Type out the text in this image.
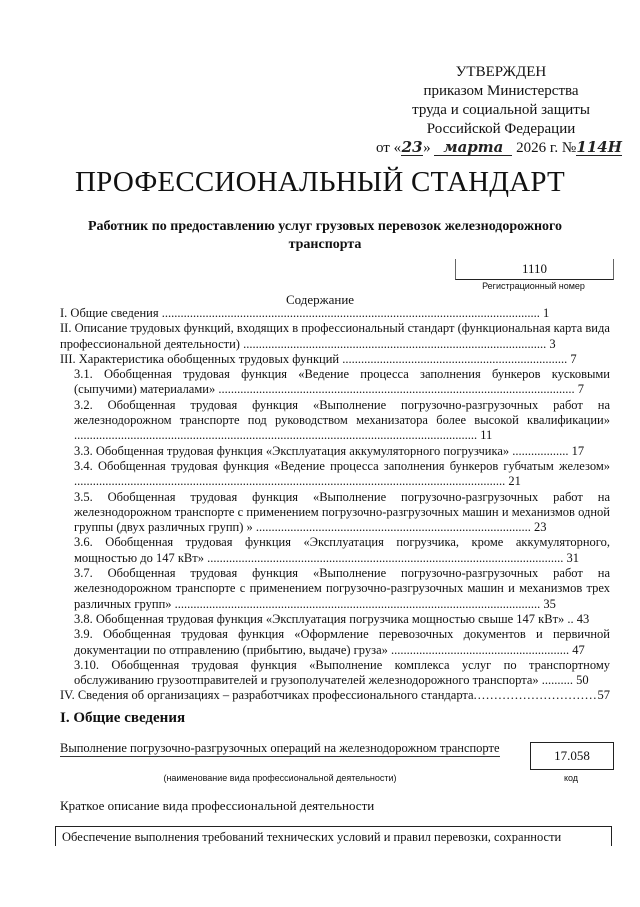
УТВЕРЖДЕН
приказом Министерства
труда и социальной защиты
Российской Федерации
от «23» марта 2026 г. №114Н
ПРОФЕССИОНАЛЬНЫЙ СТАНДАРТ
Работник по предоставлению услуг грузовых перевозок железнодорожного транспорта
1110
Регистрационный номер
Содержание

I. Общие сведения ......................................................................................................................... 1

II. Описание трудовых функций, входящих в профессиональный стандарт (функциональная карта вида профессиональной деятельности) ................................................................................................. 3

III. Характеристика обобщенных трудовых функций ........................................................................ 7

3.1. Обобщенная трудовая функция «Ведение процесса заполнения бункеров кусковыми (сыпучими) материалами» .................................................................................................................. 7

3.2. Обобщенная трудовая функция «Выполнение погрузочно-разгрузочных работ на железнодорожном транспорте под руководством механизатора более высокой квалификации» ................................................................................................................................. 11

3.3. Обобщенная трудовая функция «Эксплуатация аккумуляторного погрузчика» .................. 17

3.4. Обобщенная трудовая функция «Ведение процесса заполнения бункеров губчатым железом» .......................................................................................................................................... 21

3.5. Обобщенная трудовая функция «Выполнение погрузочно-разгрузочных работ на железнодорожном транспорте с применением погрузочно-разгрузочных машин и механизмов одной группы (двух различных групп) » ........................................................................................ 23

3.6. Обобщенная трудовая функция «Эксплуатация погрузчика, кроме аккумуляторного, мощностью до 147 кВт» .................................................................................................................. 31

3.7. Обобщенная трудовая функция «Выполнение погрузочно-разгрузочных работ на железнодорожном транспорте с применением погрузочно-разгрузочных машин и механизмов трех различных групп» ..................................................................................................................... 35

3.8. Обобщенная трудовая функция «Эксплуатация погрузчика мощностью свыше 147 кВт» .. 43

3.9. Обобщенная трудовая функция «Оформление перевозочных документов и первичной документации по отправлению (прибытию, выдаче) груза» ......................................................... 47

3.10. Обобщенная трудовая функция «Выполнение комплекса услуг по транспортному обслуживанию грузоотправителей и грузополучателей железнодорожного транспорта» .......... 50

IV. Сведения об организациях – разработчиках профессионального стандарта .....	57
I. Общие сведения
Выполнение погрузочно-разгрузочных операций на железнодорожном транспорте
(наименование вида профессиональной деятельности)
17.058
код
Краткое описание вида профессиональной деятельности
Обеспечение выполнения требований технических условий и правил перевозки, сохранности
